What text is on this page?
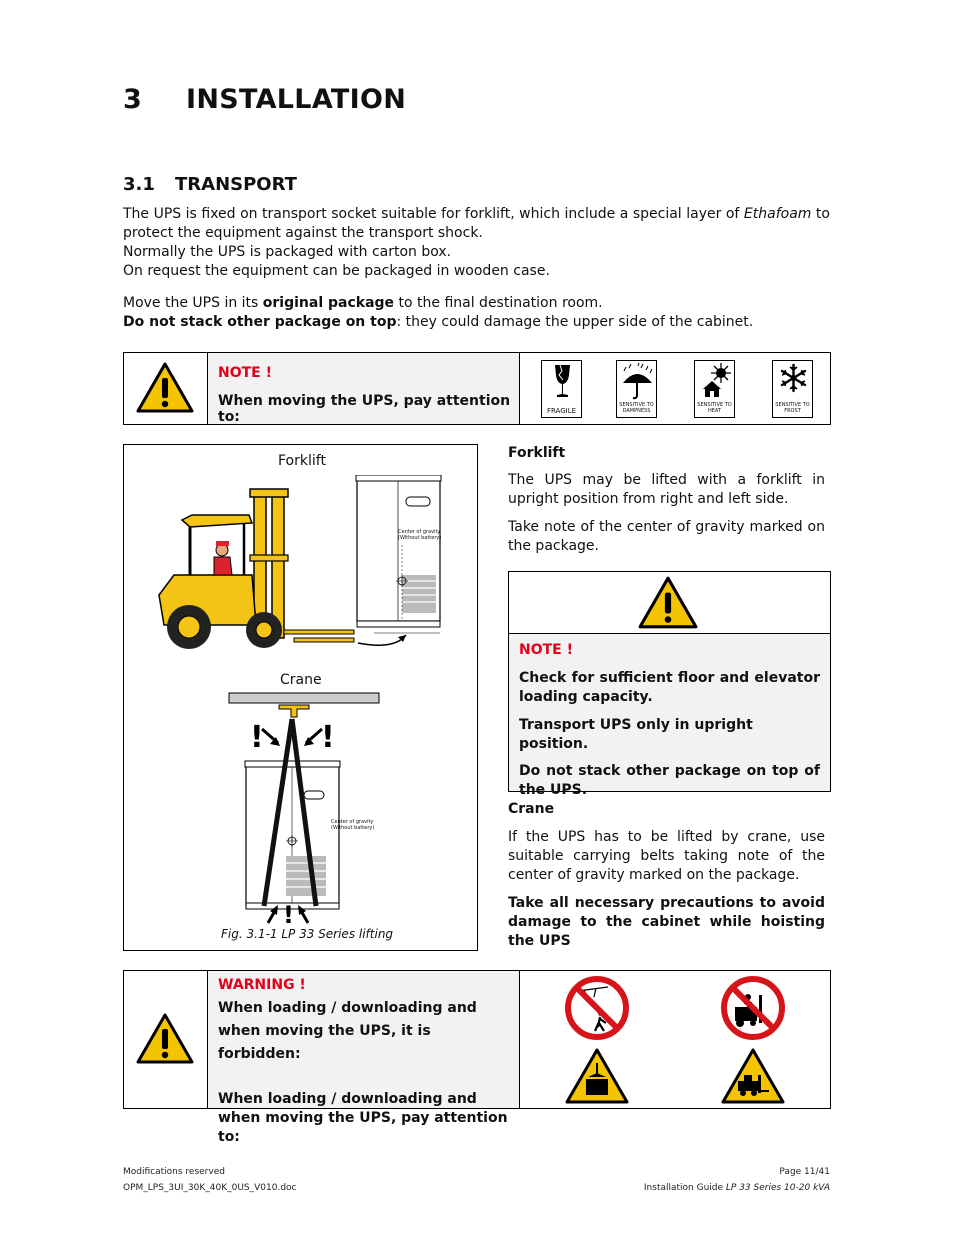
3 INSTALLATION
3.1 TRANSPORT

The UPS is fixed on transport socket suitable for forklift, which include a special layer of Ethafoam to protect the equipment against the transport shock.

Normally the UPS is packaged with carton box.

On request the equipment can be packaged in wooden case.

Move the UPS in its original package to the final destination room.

Do not stack other package on top: they could damage the upper side of the cabinet.

NOTE !
When moving the UPS, pay attention to:	FRAGILE
SENSITIVE TO DAMPNESS
SENSITIVE TO HEAT
SENSITIVE TO FROST
Forklift
Center of gravity
(Without battery)
Crane
! !
!
Center of gravity
(Without battery)
Fig. 3.1-1 LP 33 Series lifting

Forklift

The UPS may be lifted with a forklift in upright position from right and left side.

Take note of the center of gravity marked on the package.

NOTE !

Check for sufficient floor and elevator loading capacity.

Transport UPS only in upright position.

Do not stack other package on top of the UPS.

Crane

If the UPS has to be lifted by crane, use suitable carrying belts taking note of the center of gravity marked on the package.

Take all necessary precautions to avoid damage to the cabinet while hoisting the UPS

WARNING !

When loading / downloading and when moving the UPS, it is forbidden:

When loading / downloading and when moving the UPS, pay attention to:

Modifications reserved
OPM_LPS_3UI_30K_40K_0US_V010.doc
Page 11/41
Installation Guide LP 33 Series 10-20 kVA
